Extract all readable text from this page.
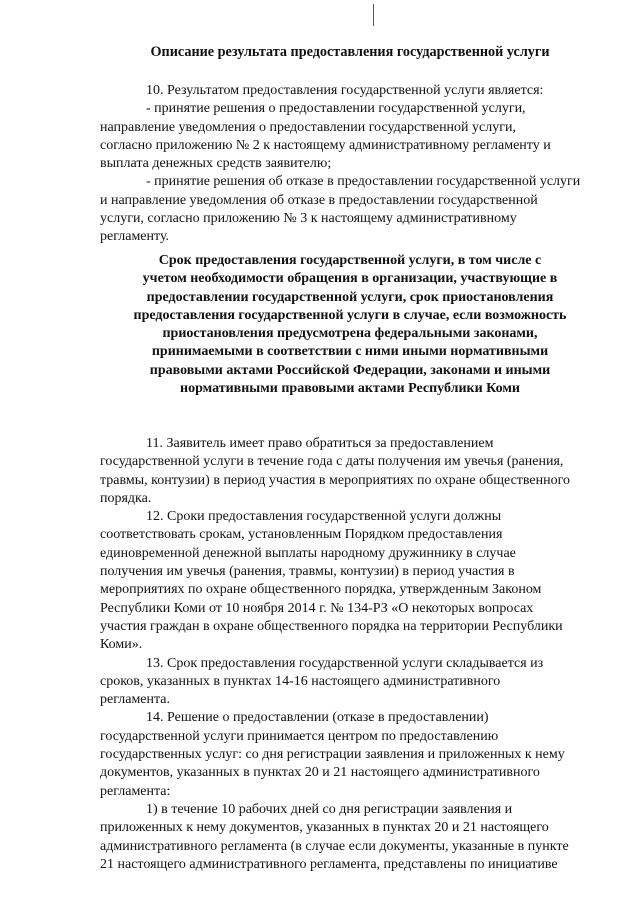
Описание результата предоставления государственной услуги

10. Результатом предоставления государственной услуги является:

- принятие решения о предоставлении государственной услуги,
направление уведомления о предоставлении государственной услуги,
согласно приложению № 2 к настоящему административному регламенту и
выплата денежных средств заявителю;

- принятие решения об отказе в предоставлении государственной услуги
и направление уведомления об отказе в предоставлении государственной
услуги, согласно приложению № 3 к настоящему административному
регламенту.

Срок предоставления государственной услуги, в том числе с
учетом необходимости обращения в организации, участвующие в
предоставлении государственной услуги, срок приостановления
предоставления государственной услуги в случае, если возможность
приостановления предусмотрена федеральными законами,
принимаемыми в соответствии с ними иными нормативными
правовыми актами Российской Федерации, законами и иными
нормативными правовыми актами Республики Коми

11. Заявитель имеет право обратиться за предоставлением
государственной услуги в течение года с даты получения им увечья (ранения,
травмы, контузии) в период участия в мероприятиях по охране общественного
порядка.

12. Сроки предоставления государственной услуги должны
соответствовать срокам, установленным Порядком предоставления
единовременной денежной выплаты народному дружиннику в случае
получения им увечья (ранения, травмы, контузии) в период участия в
мероприятиях по охране общественного порядка, утвержденным Законом
Республики Коми от 10 ноября 2014 г. № 134-РЗ «О некоторых вопросах
участия граждан в охране общественного порядка на территории Республики
Коми».

13. Срок предоставления государственной услуги складывается из
сроков, указанных в пунктах 14-16 настоящего административного
регламента.

14. Решение о предоставлении (отказе в предоставлении)
государственной услуги принимается центром по предоставлению
государственных услуг: со дня регистрации заявления и приложенных к нему
документов, указанных в пунктах 20 и 21 настоящего административного
регламента:

1) в течение 10 рабочих дней со дня регистрации заявления и
приложенных к нему документов, указанных в пунктах 20 и 21 настоящего
административного регламента (в случае если документы, указанные в пункте
21 настоящего административного регламента, представлены по инициативе
